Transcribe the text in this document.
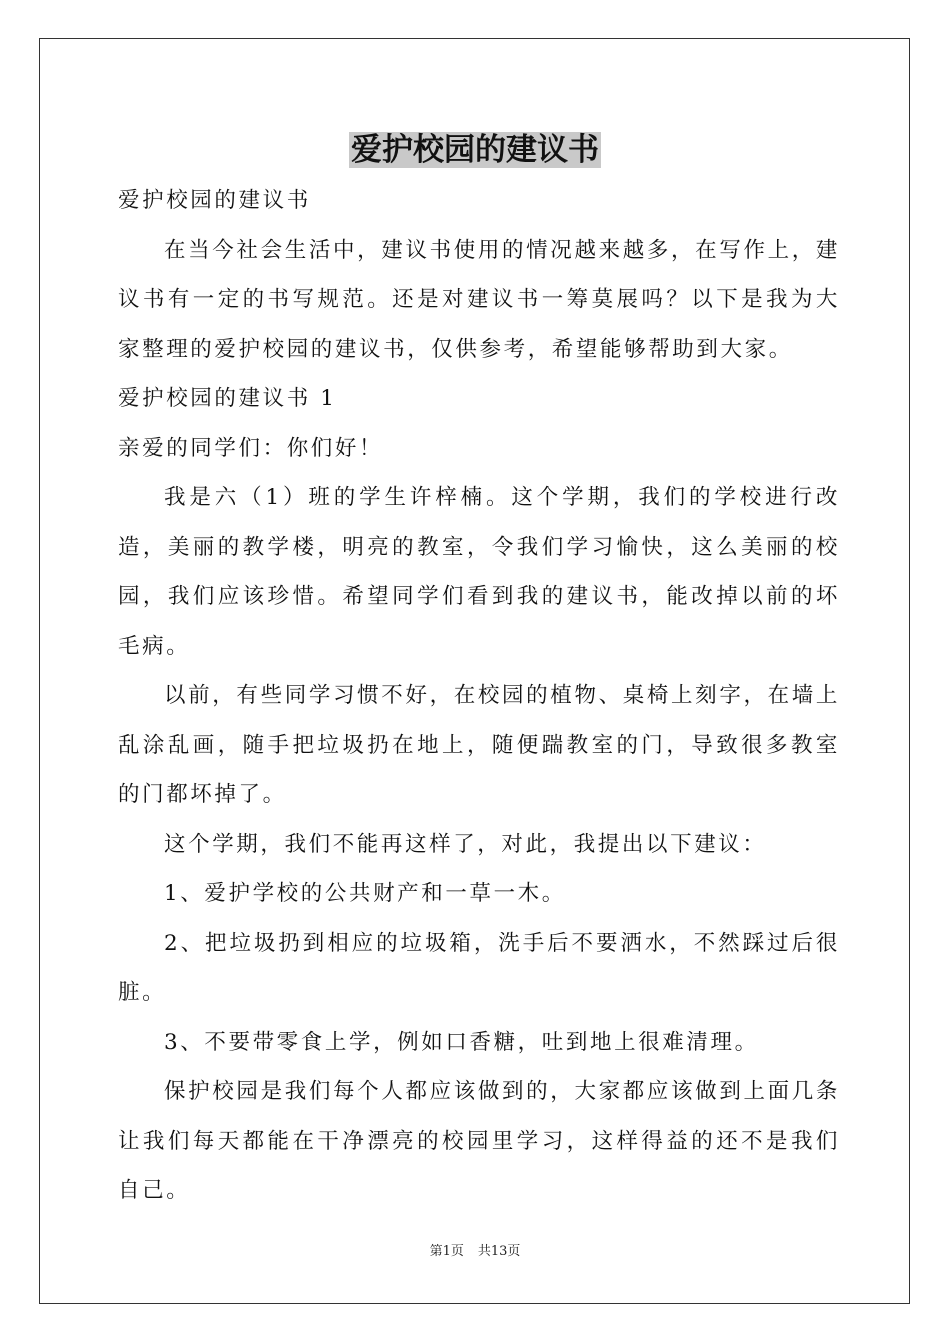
爱护校园的建议书

爱护校园的建议书

在当今社会生活中，建议书使用的情况越来越多，在写作上，建议书有一定的书写规范。还是对建议书一筹莫展吗？以下是我为大家整理的爱护校园的建议书，仅供参考，希望能够帮助到大家。

爱护校园的建议书 1

亲爱的同学们：你们好！

我是六（1）班的学生许梓楠。这个学期，我们的学校进行改造，美丽的教学楼，明亮的教室，令我们学习愉快，这么美丽的校园，我们应该珍惜。希望同学们看到我的建议书，能改掉以前的坏毛病。

以前，有些同学习惯不好，在校园的植物、桌椅上刻字，在墙上乱涂乱画，随手把垃圾扔在地上，随便踹教室的门，导致很多教室的门都坏掉了。

这个学期，我们不能再这样了，对此，我提出以下建议：

1、爱护学校的公共财产和一草一木。

2、把垃圾扔到相应的垃圾箱，洗手后不要洒水，不然踩过后很脏。

3、不要带零食上学，例如口香糖，吐到地上很难清理。

保护校园是我们每个人都应该做到的，大家都应该做到上面几条让我们每天都能在干净漂亮的校园里学习，这样得益的还不是我们自己。

第1页 共13页
